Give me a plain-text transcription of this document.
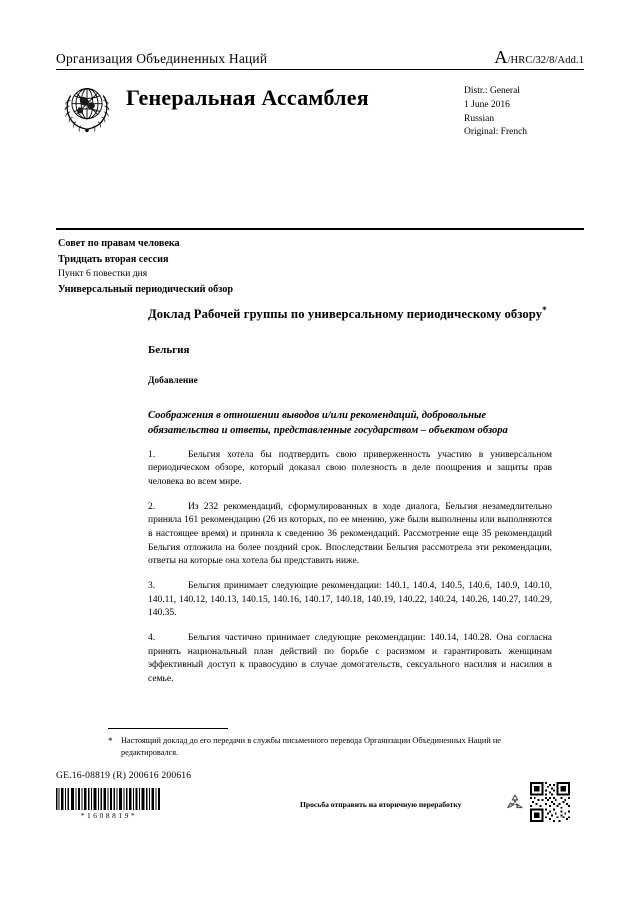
Организация Объединенных Наций	A/HRC/32/8/Add.1
Генеральная Ассамблея	Distr.: General
1 June 2016
Russian
Original: French
Совет по правам человека
Тридцать вторая сессия
Пункт 6 повестки дня
Универсальный периодический обзор
Доклад Рабочей группы по универсальному периодическому обзору*
Бельгия
Добавление
Соображения в отношении выводов и/или рекомендаций, добровольные обязательства и ответы, представленные государством – объектом обзора

1.	Бельгия хотела бы подтвердить свою приверженность участию в универсальном периодическом обзоре, который доказал свою полезность в деле поощрения и защиты прав человека во всем мире.

2.	Из 232 рекомендаций, сформулированных в ходе диалога, Бельгия незамедлительно приняла 161 рекомендацию (26 из которых, по ее мнению, уже были выполнены или выполняются в настоящее время) и приняла к сведению 36 рекомендаций. Рассмотрение еще 35 рекомендаций Бельгия отложила на более поздний срок. Впоследствии Бельгия рассмотрела эти рекомендации, ответы на которые она хотела бы представить ниже.

3.	Бельгия принимает следующие рекомендации: 140.1, 140.4, 140.5, 140.6, 140.9, 140.10, 140.11, 140.12, 140.13, 140.15, 140.16, 140.17, 140.18, 140.19, 140.22, 140.24, 140.26, 140.27, 140.29, 140.35.

4.	Бельгия частично принимает следующие рекомендации: 140.14, 140.28. Она согласна принять национальный план действий по борьбе с расизмом и гарантировать женщинам эффективный доступ к правосудию в случае домогательств, сексуального насилия и насилия в семье.

*	Настоящий доклад до его передачи в службы письменного перевода Организации Объединенных Наций не редактировался.
GE.16-08819 (R) 200616 200616
*1608819*
Просьба отправить на вторичную переработку
